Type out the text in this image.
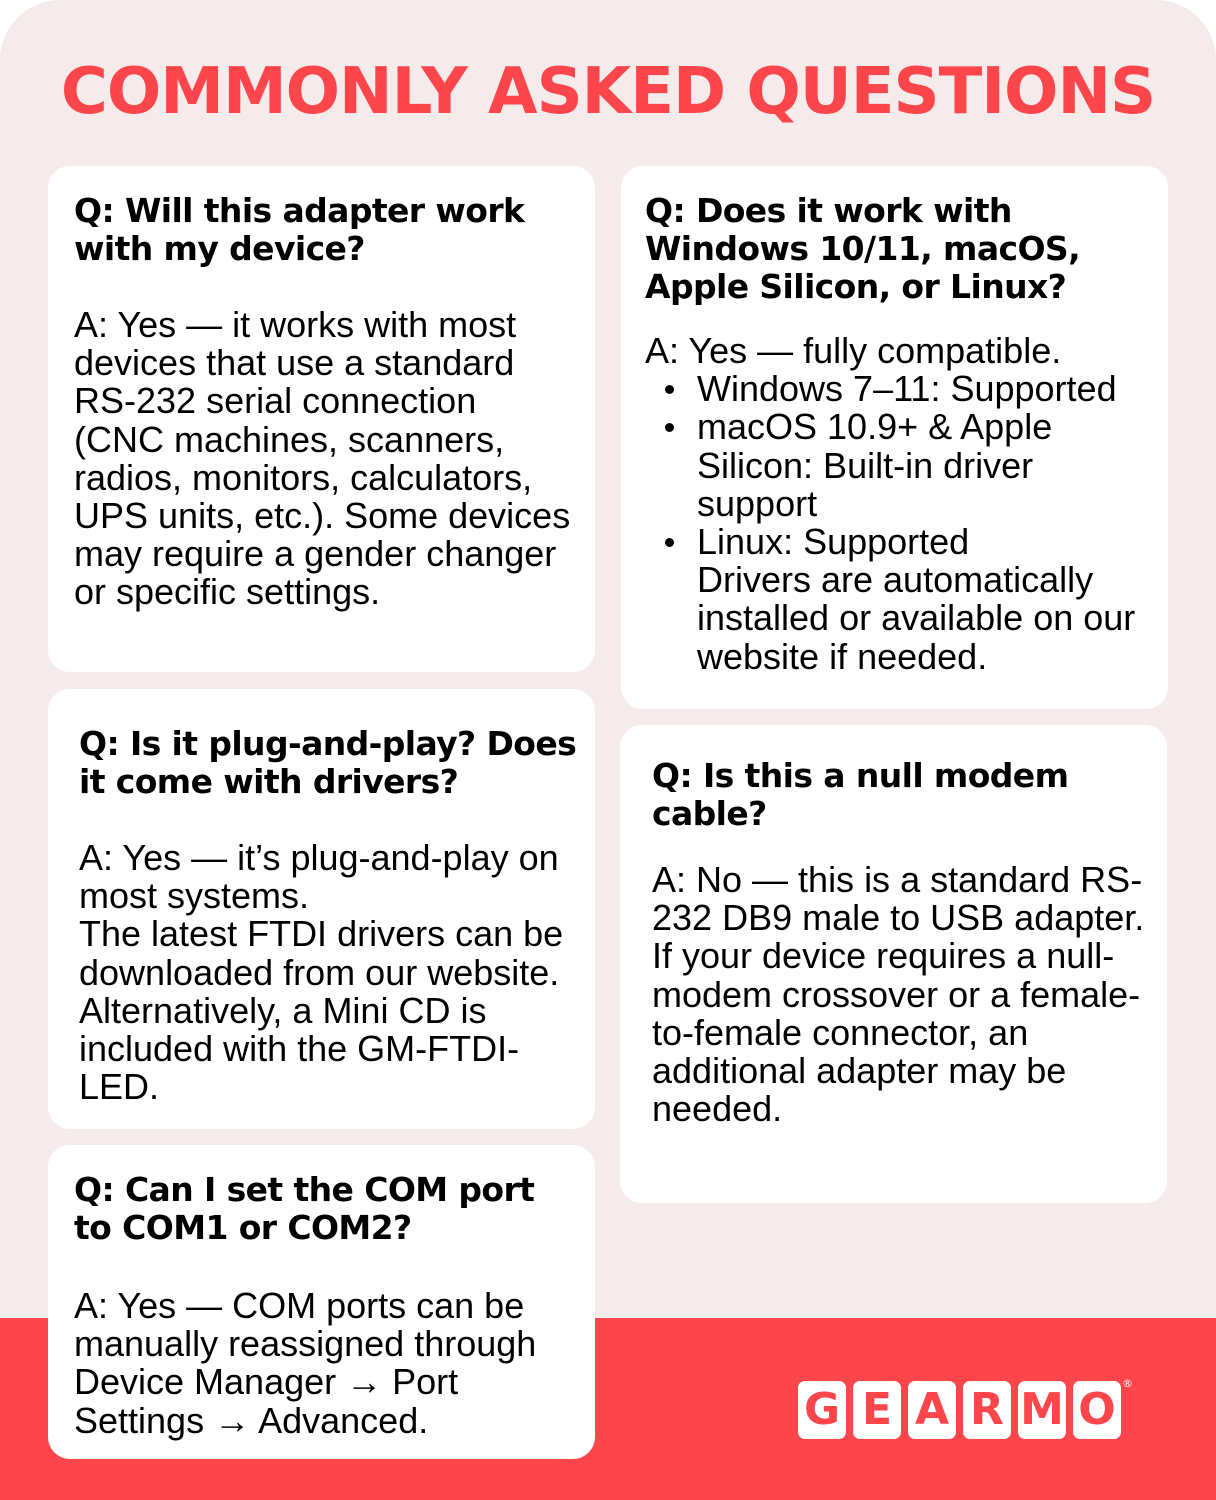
COMMONLY ASKED QUESTIONS

Q: Will this adapter work with my device?

A: Yes — it works with most devices that use a standard RS-232 serial connection (CNC machines, scanners, radios, monitors, calculators, UPS units, etc.). Some devices may require a gender changer or specific settings.

Q: Does it work with Windows 10/11, macOS, Apple Silicon, or Linux?

A: Yes — fully compatible.

Windows 7–11: Supported
macOS 10.9+ & Apple Silicon: Built-in driver support
Linux: Supported
Drivers are automatically installed or available on our website if needed.

Q: Is it plug-and-play? Does it come with drivers?

A: Yes — it’s plug-and-play on most systems.
The latest FTDI drivers can be downloaded from our website. Alternatively, a Mini CD is included with the GM-FTDI-LED.

Q: Is this a null modem cable?

A: No — this is a standard RS-232 DB9 male to USB adapter.
If your device requires a null-modem crossover or a female-to-female connector, an additional adapter may be needed.

Q: Can I set the COM port to COM1 or COM2?

A: Yes — COM ports can be manually reassigned through Device Manager → Port Settings → Advanced.	G E A R M O
®
